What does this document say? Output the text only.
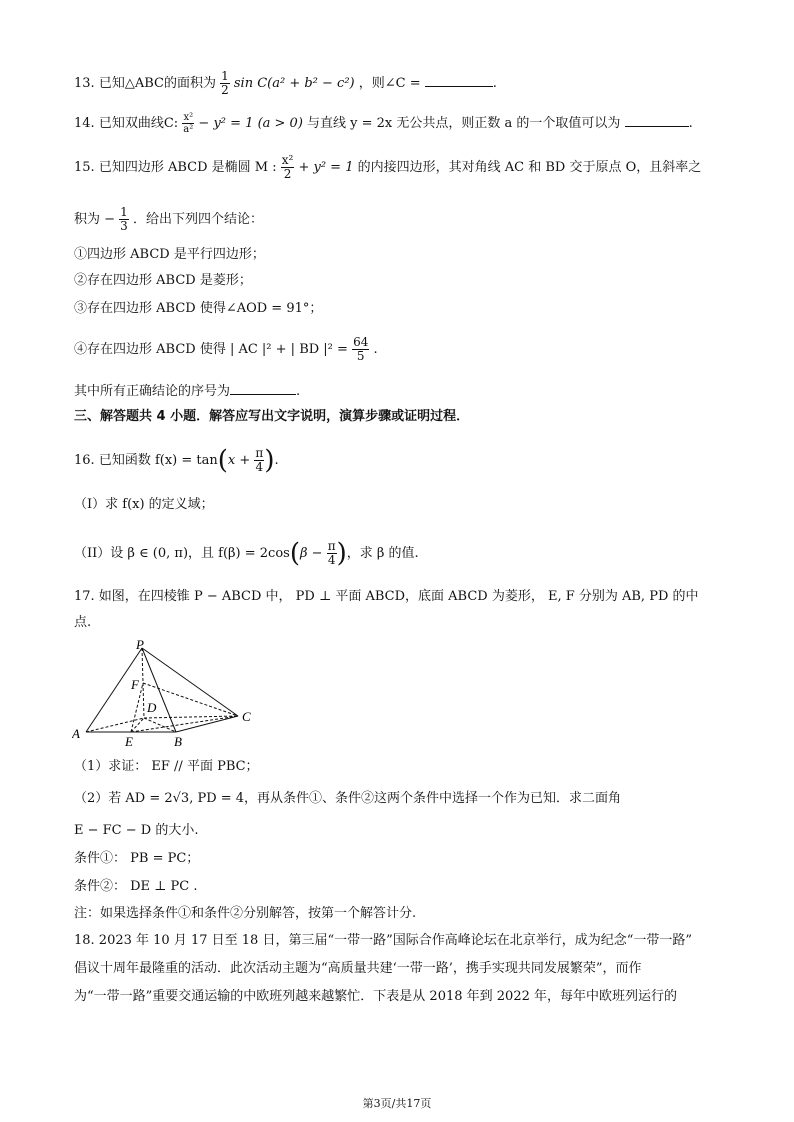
13. 已知△ABC的面积为 $\frac{1}{2}$ sin C(a² + b² − c²) ，则∠C =	.
14. 已知双曲线C: $\frac{\text{x²}}{\text{a²}} - y^2 = 1$ (a > 0) 与直线 y = 2x 无公共点，则正数 a 的一个取值可以为	.
15. 已知四边形 ABCD 是椭圆 M : $\frac{\text{x²}}{2} + y^2 = 1$ 的内接四边形，其对角线 AC 和 BD 交于原点 O，且斜率之
积为 − $\frac{1}{3}$ ．给出下列四个结论：
①四边形 ABCD 是平行四边形；
②存在四边形 ABCD 是菱形；
③存在四边形 ABCD 使得∠AOD = 91°；
④存在四边形 ABCD 使得 | AC |² + | BD $|^2 = \frac{64}{5}$ .
其中所有正确结论的序号为	.
三、解答题共 4 小题．解答应写出文字说明，演算步骤或证明过程．
16. 已知函数 $f(x) = \tan(x + \frac{\pi}{4}$ ).
（I）求 f(x) 的定义域；
（II）设 β ∈ (0, π)，且 $f(\beta) = 2\cos(\beta - \frac{\pi}{4}$ )，求 β 的值.
17. 如图，在四棱锥 P − ABCD 中， PD ⊥ 平面 ABCD，底面 ABCD 为菱形， E, F 分别为 AB, PD 的中
点.
P
F
D
C
A
E	B
（1）求证： EF // 平面 PBC；
（2）若 AD = 2√3, PD = 4，再从条件①、条件②这两个条件中选择一个作为已知．求二面角
E − FC − D 的大小.
条件①： PB = PC；
条件②： DE ⊥ PC .
注：如果选择条件①和条件②分别解答，按第一个解答计分.
18. 2023 年 10 月 17 日至 18 日，第三届“一带一路”国际合作高峰论坛在北京举行，成为纪念“一带一路”
倡议十周年最隆重的活动．此次活动主题为“高质量共建‘一带一路’，携手实现共同发展繁荣”，而作
为“一带一路”重要交通运输的中欧班列越来越繁忙．下表是从 2018 年到 2022 年，每年中欧班列运行的
第3页/共17页
